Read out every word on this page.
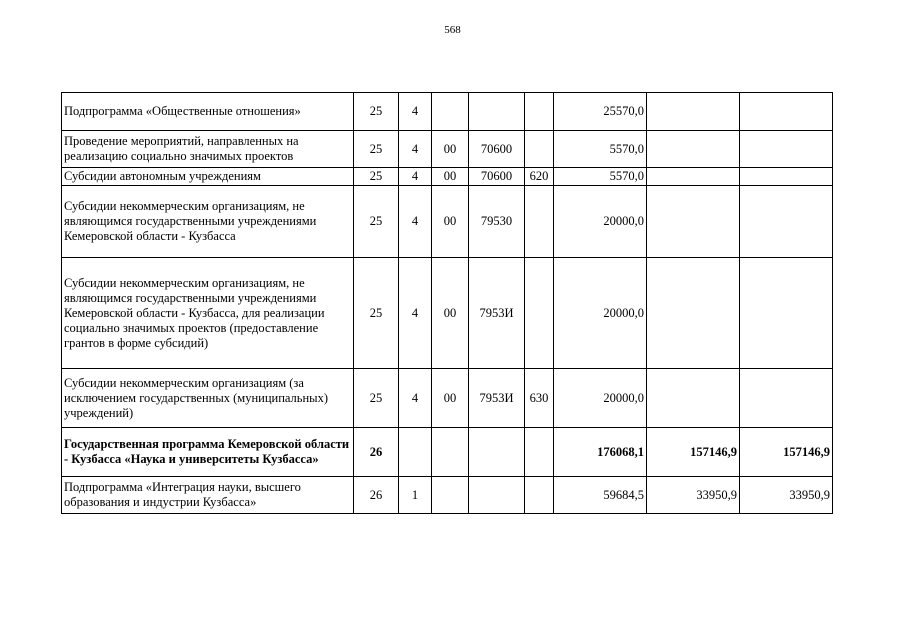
568
Подпрограмма «Общественные отношения»	25	4				25570,0		
Проведение мероприятий, направленных на реализацию социально значимых проектов	25	4	00	70600		5570,0		
Субсидии автономным учреждениям	25	4	00	70600	620	5570,0		
Субсидии некоммерческим организациям, не являющимся государственными учреждениями Кемеровской области - Кузбасса	25	4	00	79530		20000,0		
Субсидии некоммерческим организациям, не являющимся государственными учреждениями Кемеровской области - Кузбасса, для реализации социально значимых проектов (предоставление грантов в форме субсидий)	25	4	00	7953И		20000,0		
Субсидии некоммерческим организациям (за исключением государственных (муниципальных) учреждений)	25	4	00	7953И	630	20000,0		
Государственная программа Кемеровской области - Кузбасса «Наука и университеты Кузбасса»	26					176068,1	157146,9	157146,9
Подпрограмма «Интеграция науки, высшего образования и индустрии Кузбасса»	26	1				59684,5	33950,9	33950,9
